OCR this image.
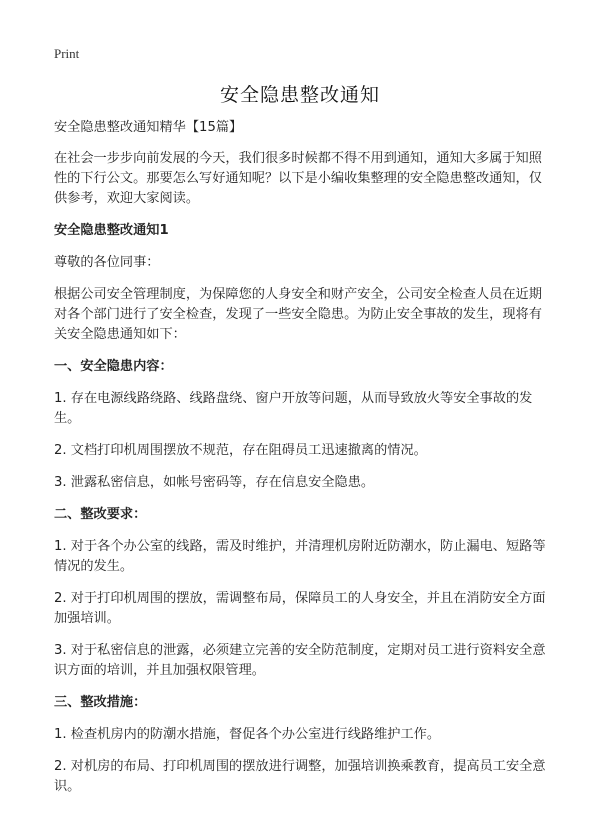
Print
安全隐患整改通知

安全隐患整改通知精华【15篇】

在社会一步步向前发展的今天，我们很多时候都不得不用到通知，通知大多属于知照性的下行公文。那要怎么写好通知呢？以下是小编收集整理的安全隐患整改通知，仅供参考，欢迎大家阅读。

安全隐患整改通知1

尊敬的各位同事：

根据公司安全管理制度，为保障您的人身安全和财产安全，公司安全检查人员在近期对各个部门进行了安全检查，发现了一些安全隐患。为防止安全事故的发生，现将有关安全隐患通知如下：

一、安全隐患内容：

1. 存在电源线路绕路、线路盘绕、窗户开放等问题，从而导致放火等安全事故的发生。

2. 文档打印机周围摆放不规范，存在阻碍员工迅速撤离的情况。

3. 泄露私密信息，如帐号密码等，存在信息安全隐患。

二、整改要求：

1. 对于各个办公室的线路，需及时维护，并清理机房附近防潮水，防止漏电、短路等情况的发生。

2. 对于打印机周围的摆放，需调整布局，保障员工的人身安全，并且在消防安全方面加强培训。

3. 对于私密信息的泄露，必须建立完善的安全防范制度，定期对员工进行资料安全意识方面的培训，并且加强权限管理。

三、整改措施：

1. 检查机房内的防潮水措施，督促各个办公室进行线路维护工作。

2. 对机房的布局、打印机周围的摆放进行调整，加强培训换乘教育，提高员工安全意识。
